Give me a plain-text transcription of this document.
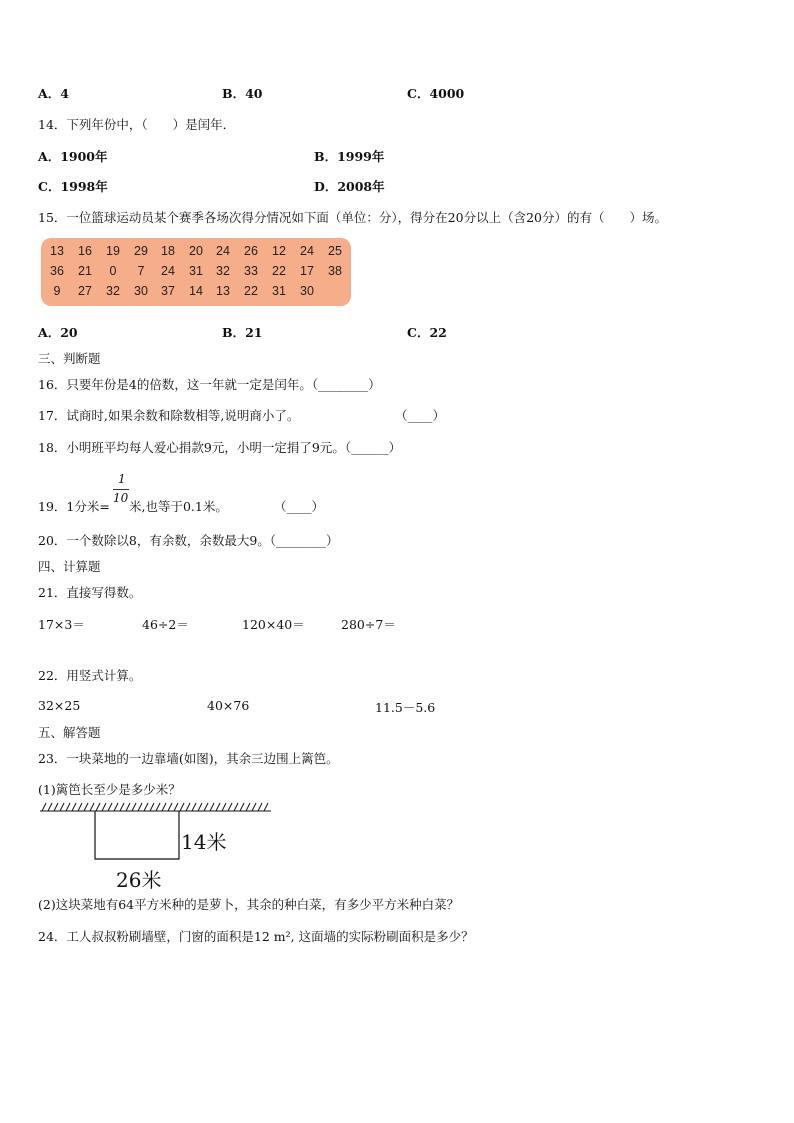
A．4	B．40	C．4000
14．下列年份中，（　　）是闰年．
A．1900年	B．1999年
C．1998年	D．2008年
15．一位篮球运动员某个赛季各场次得分情况如下面（单位：分），得分在20分以上（含20分）的有（　　）场。
13	16	19	29	18	20	24	26	12	24	25
36	21	0	7	24	31	32	33	22	17	38
9	27	32	30	37	14	13	22	31	30
A．20	B．21	C．22
三、判断题
16．只要年份是4的倍数，这一年就一定是闰年。（________）
17．试商时,如果余数和除数相等,说明商小了。	（____）
18．小明班平均每人爱心捐款9元，小明一定捐了9元。（______）
19．1分米=
1
10
米,也等于0.1米。	（____）
20．一个数除以8，有余数，余数最大9。（________）
四、计算题
21．直接写得数。
17×3＝	46÷2＝	120×40＝	280÷7＝
22．用竖式计算。
32×25	40×76	11.5－5.6
五、解答题
23．一块菜地的一边靠墙(如图)，其余三边围上篱笆。
(1)篱笆长至少是多少米？
14米
26米
(2)这块菜地有64平方米种的是萝卜，其余的种白菜，有多少平方米种白菜？
24．工人叔叔粉刷墙壁，门窗的面积是12 m², 这面墙的实际粉刷面积是多少？
